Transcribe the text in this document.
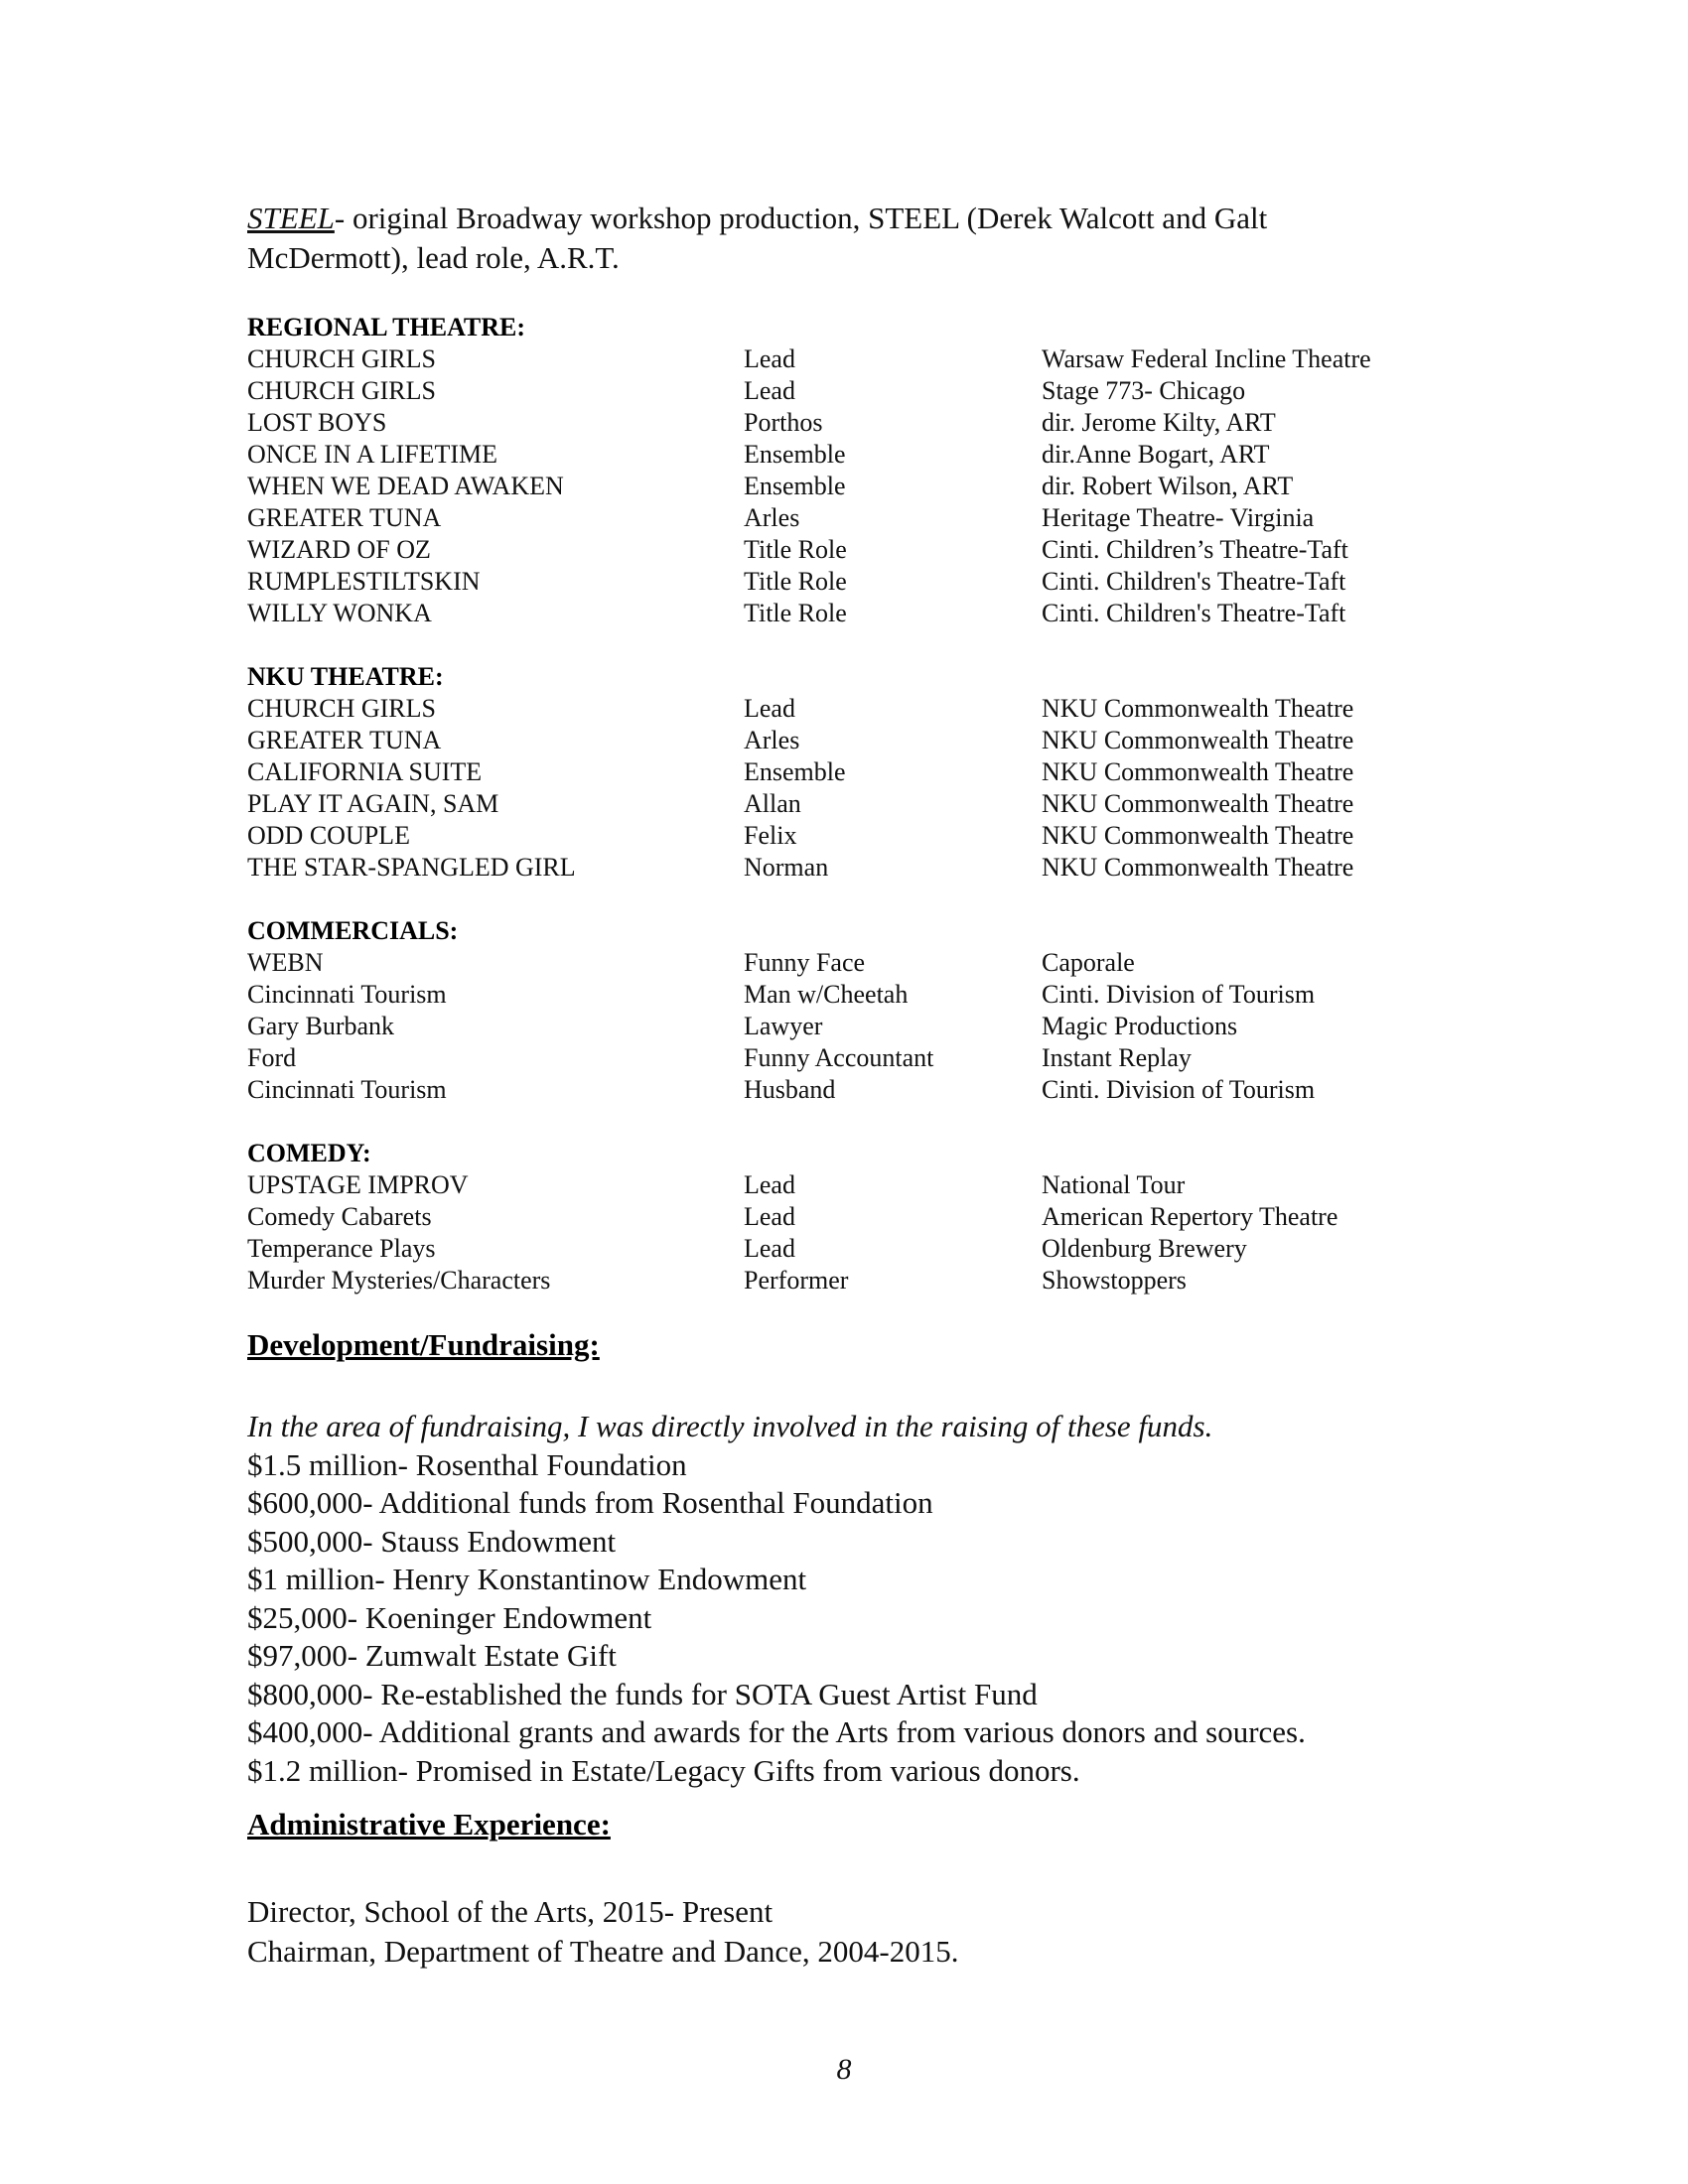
STEEL- original Broadway workshop production, STEEL (Derek Walcott and Galt
McDermott), lead role, A.R.T.
REGIONAL THEATRE:
CHURCH GIRLS	Lead	Warsaw Federal Incline Theatre
CHURCH GIRLS	Lead	Stage 773- Chicago
LOST BOYS	Porthos	dir. Jerome Kilty, ART
ONCE IN A LIFETIME	Ensemble	dir.Anne Bogart, ART
WHEN WE DEAD AWAKEN	Ensemble	dir. Robert Wilson, ART
GREATER TUNA	Arles	Heritage Theatre- Virginia
WIZARD OF OZ	Title Role	Cinti. Children’s Theatre-Taft
RUMPLESTILTSKIN	Title Role	Cinti. Children's Theatre-Taft
WILLY WONKA	Title Role	Cinti. Children's Theatre-Taft
NKU THEATRE:
CHURCH GIRLS	Lead	NKU Commonwealth Theatre
GREATER TUNA	Arles	NKU Commonwealth Theatre
CALIFORNIA SUITE	Ensemble	NKU Commonwealth Theatre
PLAY IT AGAIN, SAM	Allan	NKU Commonwealth Theatre
ODD COUPLE	Felix	NKU Commonwealth Theatre
THE STAR-SPANGLED GIRL	Norman	NKU Commonwealth Theatre
COMMERCIALS:
WEBN	Funny Face	Caporale
Cincinnati Tourism	Man w/Cheetah	Cinti. Division of Tourism
Gary Burbank	Lawyer	Magic Productions
Ford	Funny Accountant	Instant Replay
Cincinnati Tourism	Husband	Cinti. Division of Tourism
COMEDY:
UPSTAGE IMPROV	Lead	National Tour
Comedy Cabarets	Lead	American Repertory Theatre
Temperance Plays	Lead	Oldenburg Brewery
Murder Mysteries/Characters	Performer	Showstoppers
Development/Fundraising:
In the area of fundraising, I was directly involved in the raising of these funds.
$1.5 million- Rosenthal Foundation
$600,000- Additional funds from Rosenthal Foundation
$500,000- Stauss Endowment
$1 million- Henry Konstantinow Endowment
$25,000- Koeninger Endowment
$97,000- Zumwalt Estate Gift
$800,000- Re-established the funds for SOTA Guest Artist Fund
$400,000- Additional grants and awards for the Arts from various donors and sources.
$1.2 million- Promised in Estate/Legacy Gifts from various donors.
Administrative Experience:
Director, School of the Arts, 2015- Present
Chairman, Department of Theatre and Dance, 2004-2015.
8
